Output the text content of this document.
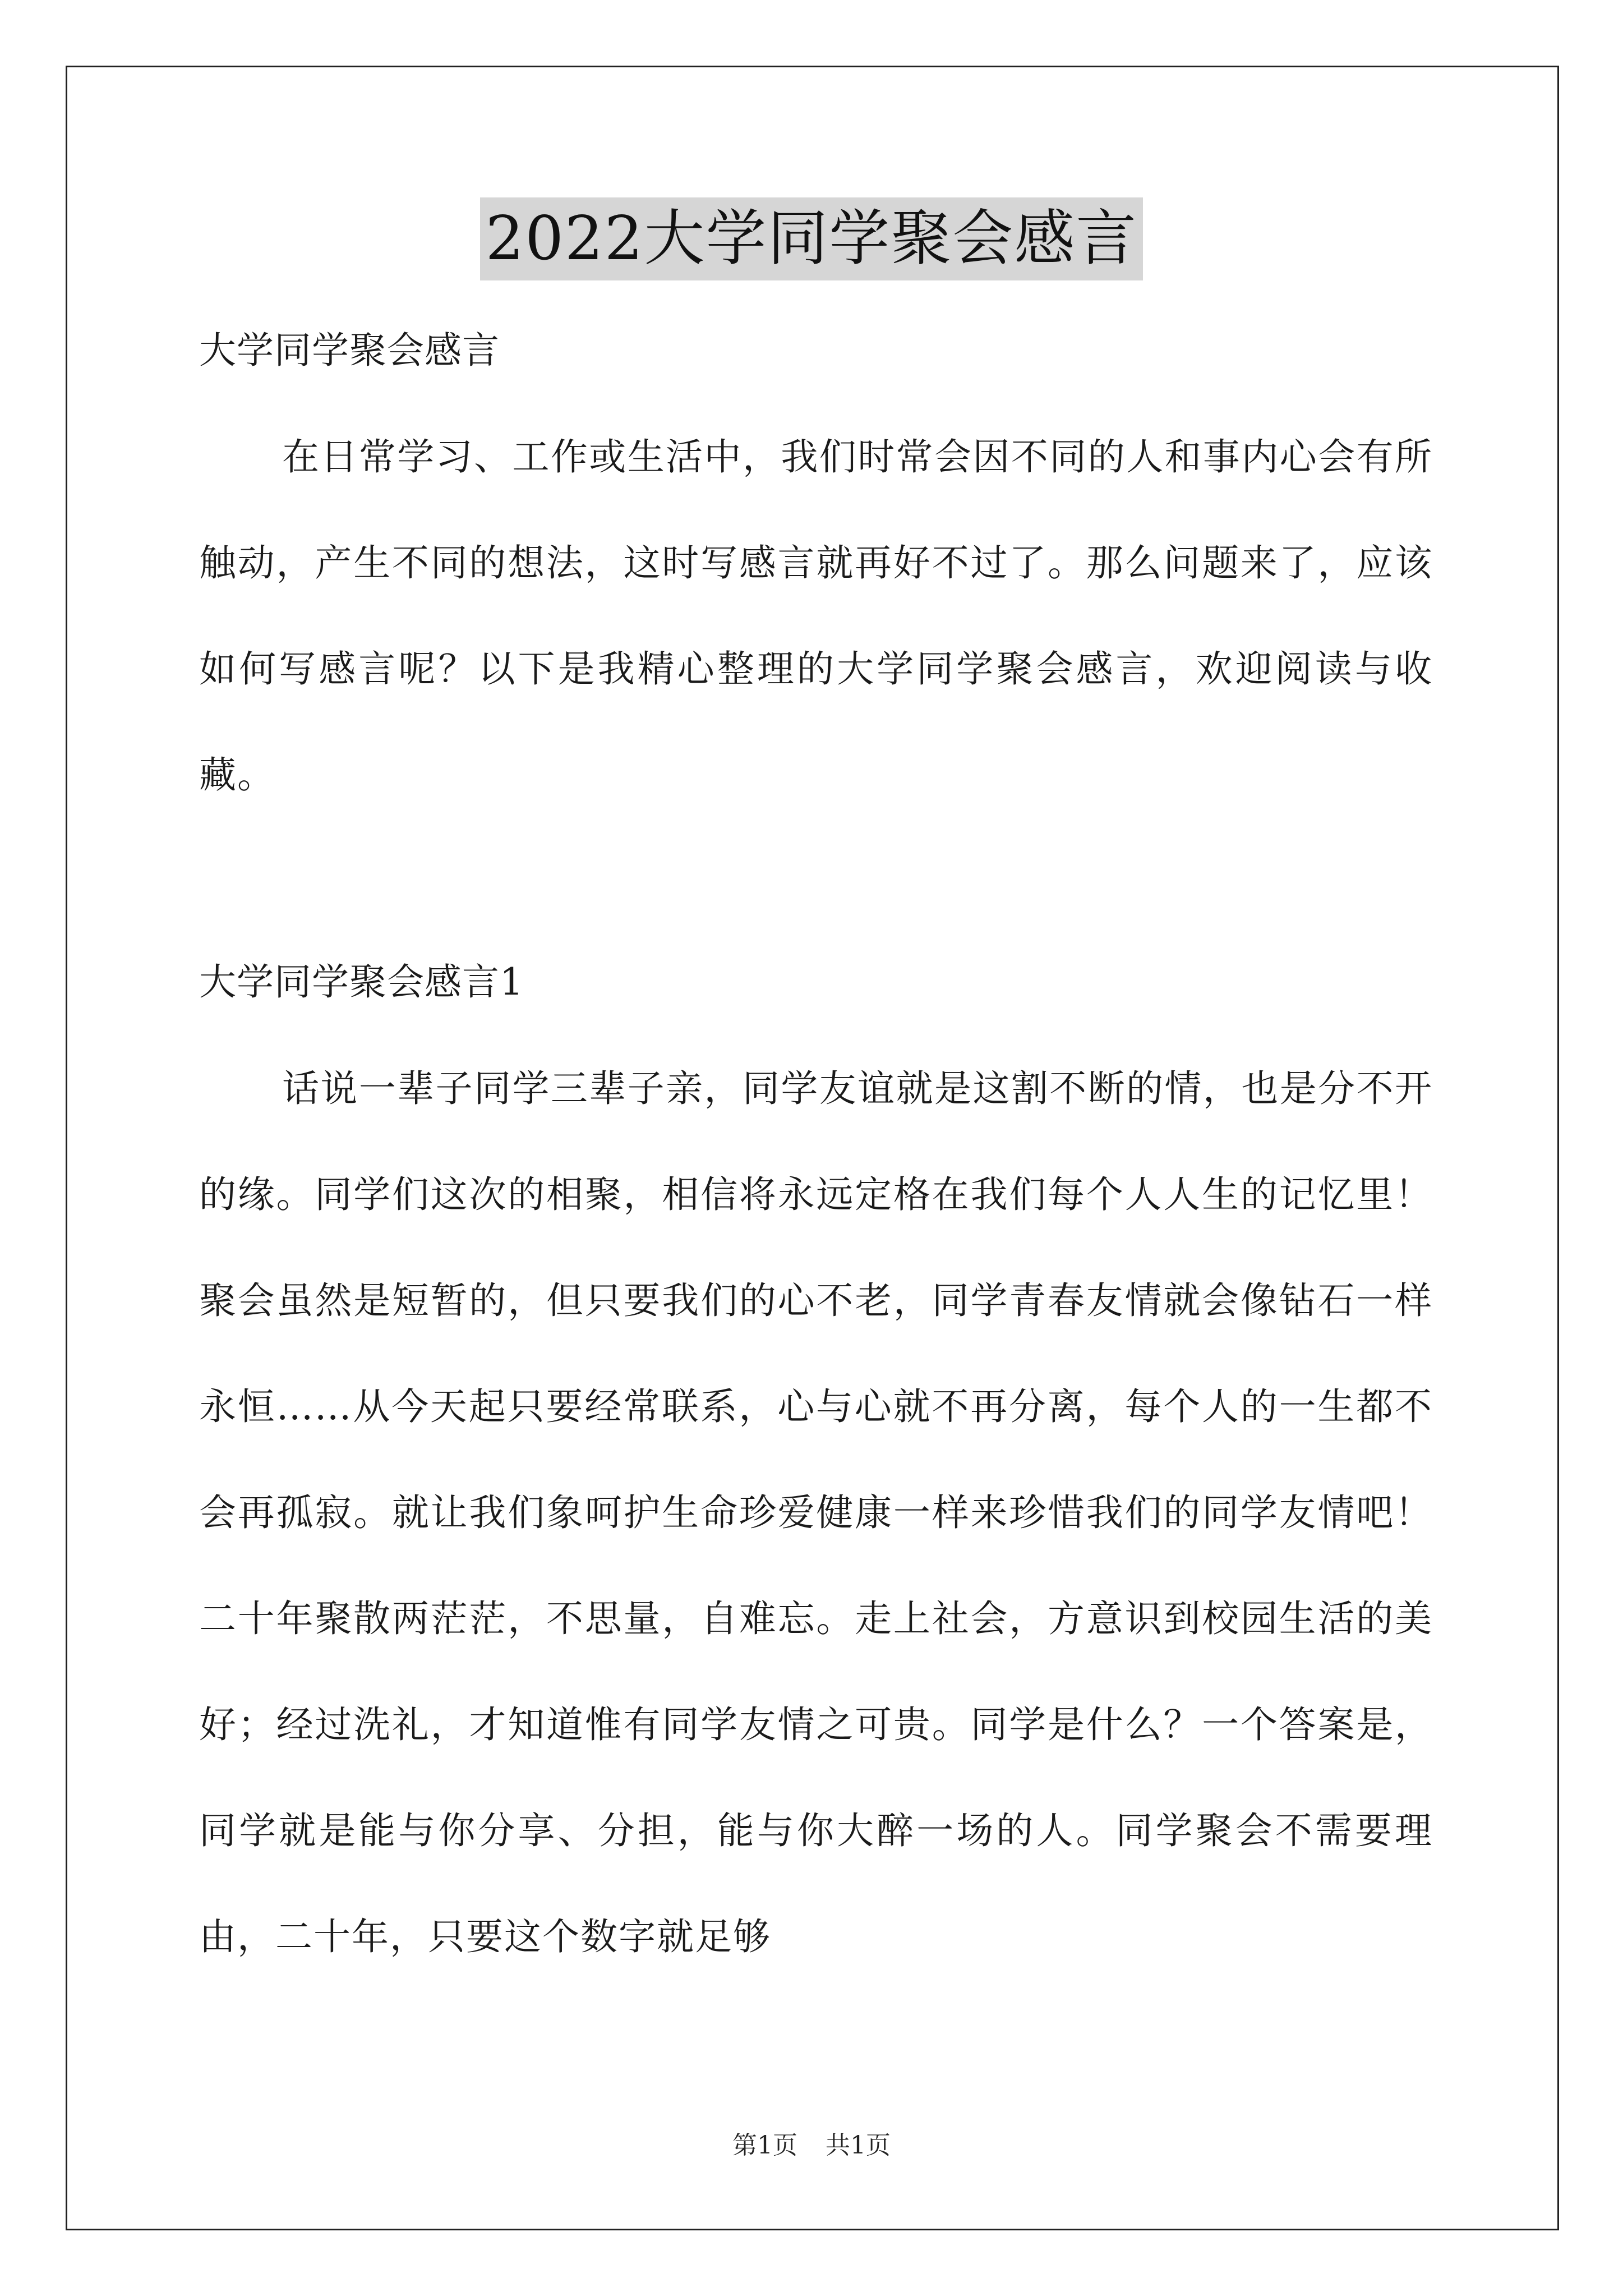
2022大学同学聚会感言
大学同学聚会感言

在日常学习、工作或生活中，我们时常会因不同的人和事内心会有所触动，产生不同的想法，这时写感言就再好不过了。那么问题来了，应该如何写感言呢？以下是我精心整理的大学同学聚会感言，欢迎阅读与收藏。

大学同学聚会感言1

话说一辈子同学三辈子亲，同学友谊就是这割不断的情，也是分不开的缘。同学们这次的相聚，相信将永远定格在我们每个人人生的记忆里！聚会虽然是短暂的，但只要我们的心不老，同学青春友情就会像钻石一样永恒……从今天起只要经常联系，心与心就不再分离，每个人的一生都不会再孤寂。就让我们象呵护生命珍爱健康一样来珍惜我们的同学友情吧！二十年聚散两茫茫，不思量，自难忘。走上社会，方意识到校园生活的美好；经过洗礼，才知道惟有同学友情之可贵。同学是什么？一个答案是，同学就是能与你分享、分担，能与你大醉一场的人。同学聚会不需要理由，二十年，只要这个数字就足够

第1页 共1页
